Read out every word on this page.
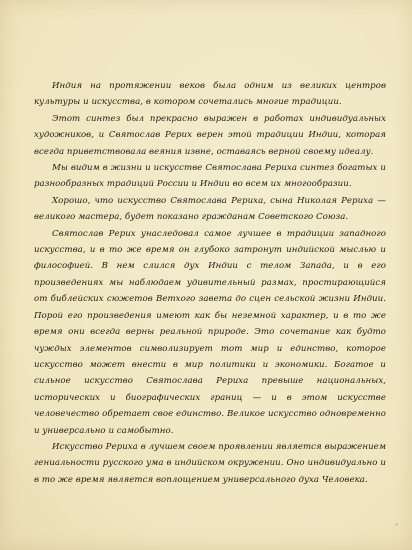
Индия на протяжении веков была одним из великих центров культуры и искусства, в котором сочетались многие традиции.

Этот синтез был прекрасно выражен в работах индивидуальных художников, и Святослав Рерих верен этой традиции Индии, которая всегда приветствовала веяния извне, оставаясь верной своему идеалу.

Мы видим в жизни и искусстве Святослава Рериха синтез богатых и разнообразных традиций России и Индии во всем их многообразии.

Хорошо, что искусство Святослава Рериха, сына Николая Рериха — великого мастера, будет показано гражданам Советского Союза.

Святослав Рерих унаследовал самое лучшее в традиции западного искусства, и в то же время он глубоко затронут индийской мыслью и философией. В нем слился дух Индии с телом Запада, и в его произведениях мы наблюдаем удивительный размах, простирающийся от библейских сюжетов Ветхого завета до сцен сельской жизни Индии. Порой его произведения имеют как бы неземной характер, и в то же время они всегда верны реальной природе. Это сочетание как будто чуждых элементов символизирует тот мир и единство, которое искусство может внести в мир политики и экономики. Богатое и сильное искусство Святослава Рериха превыше национальных, исторических и биографических границ — и в этом искусстве человечество обретает свое единство. Великое искусство одновременно и универсально и самобытно.

Искусство Рериха в лучшем своем проявлении является выражением гениальности русского ума в индийском окружении. Оно индивидуально и в то же время является воплощением универсального духа Человека.
